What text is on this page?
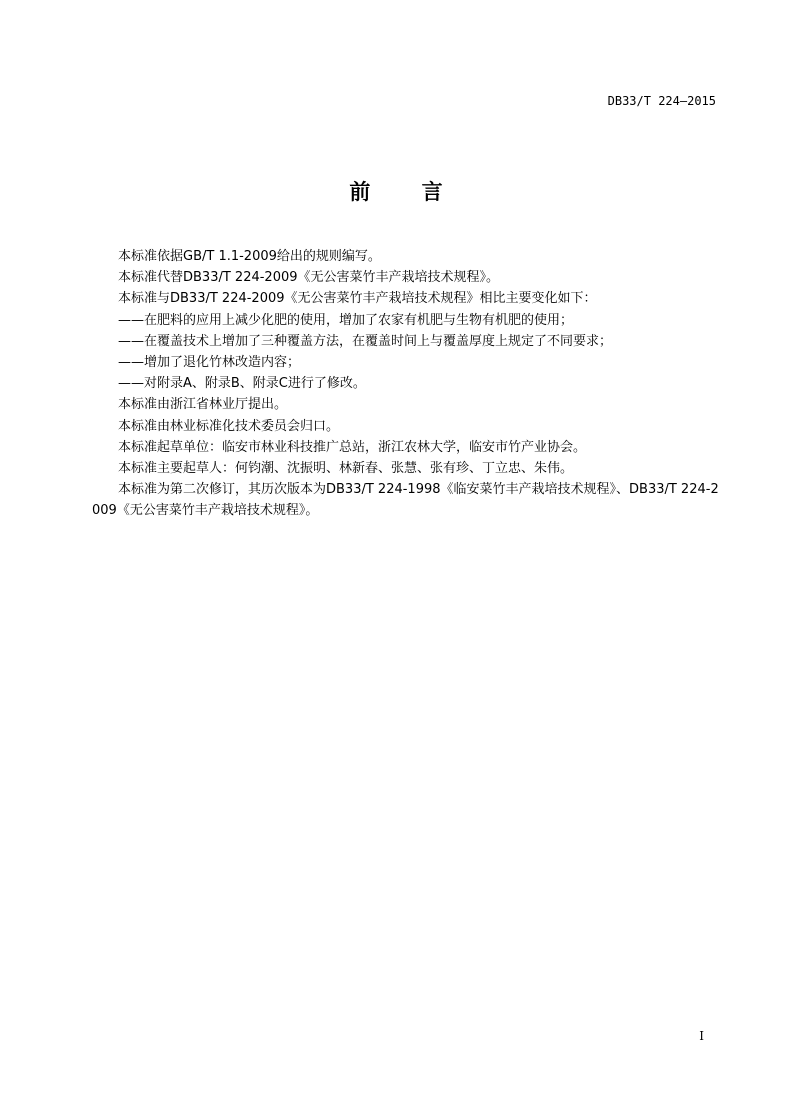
DB33/T 224—2015
前 言

本标准依据GB/T 1.1-2009给出的规则编写。

本标准代替DB33/T 224-2009《无公害菜竹丰产栽培技术规程》。

本标准与DB33/T 224-2009《无公害菜竹丰产栽培技术规程》相比主要变化如下：

——在肥料的应用上减少化肥的使用，增加了农家有机肥与生物有机肥的使用；

——在覆盖技术上增加了三种覆盖方法，在覆盖时间上与覆盖厚度上规定了不同要求；

——增加了退化竹林改造内容；

——对附录A、附录B、附录C进行了修改。

本标准由浙江省林业厅提出。

本标准由林业标准化技术委员会归口。

本标准起草单位：临安市林业科技推广总站，浙江农林大学，临安市竹产业协会。

本标准主要起草人：何钧潮、沈振明、林新春、张慧、张有珍、丁立忠、朱伟。

本标准为第二次修订，其历次版本为DB33/T 224-1998《临安菜竹丰产栽培技术规程》、DB33/T 224-2009《无公害菜竹丰产栽培技术规程》。

I
